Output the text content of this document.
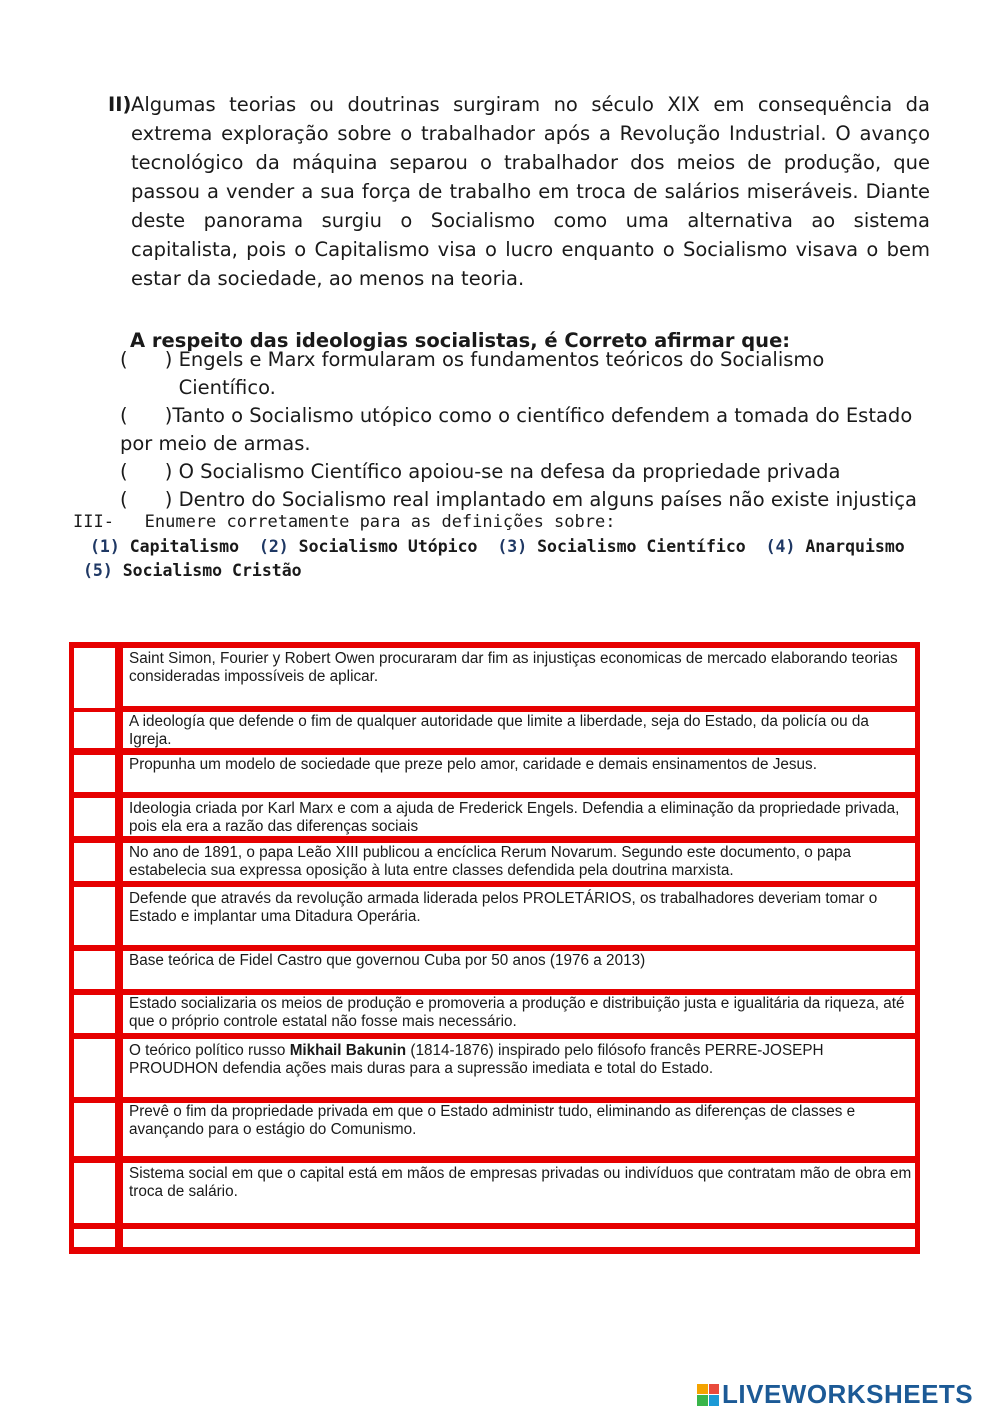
II) Algumas teorias ou doutrinas surgiram no século XIX em consequência da extrema exploração sobre o trabalhador após a Revolução Industrial. O avanço tecnológico da máquina separou o trabalhador dos meios de produção, que passou a vender a sua força de trabalho em troca de salários miseráveis. Diante deste panorama surgiu o Socialismo como uma alternativa ao sistema capitalista, pois o Capitalismo visa o lucro enquanto o Socialismo visava o bem estar da sociedade, ao menos na teoria.
A respeito das ideologias socialistas, é Correto afirmar que:
(      ) Engels e Marx formularam os fundamentos teóricos do Socialismo Científico.
(      )Tanto o Socialismo utópico como o científico defendem a tomada do Estado por meio de armas.
(      ) O Socialismo Científico apoiou-se na defesa da propriedade privada
(      ) Dentro do Socialismo real implantado em alguns países não existe injustiça
III-   Enumere corretamente para as definições sobre:
(1) Capitalismo (2) Socialismo Utópico (3) Socialismo Científico (4) Anarquismo
(5) Socialismo Cristão
Saint Simon, Fourier y Robert Owen procuraram dar fim as injustiças economicas de mercado elaborando teorias consideradas impossíveis de aplicar.
A ideología que defende o fim de qualquer autoridade que limite a liberdade, seja do Estado, da policía ou da Igreja.
Propunha um modelo de sociedade que preze pelo amor, caridade e demais ensinamentos de Jesus.
Ideologia criada por Karl Marx e com a ajuda de Frederick Engels. Defendia a eliminação da propriedade privada, pois ela era a razão das diferenças sociais
No ano de 1891, o papa Leão XIII publicou a encíclica Rerum Novarum. Segundo este documento, o papa estabelecia sua expressa oposição à luta entre classes defendida pela doutrina marxista.
Defende que através da revolução armada liderada pelos PROLETÁRIOS, os trabalhadores deveriam tomar o Estado e implantar uma Ditadura Operária.
Base teórica de Fidel Castro que governou Cuba por 50 anos (1976 a 2013)
Estado socializaria os meios de produção e promoveria a produção e distribuição justa e igualitária da riqueza, até que o próprio controle estatal não fosse mais necessário.
O teórico político russo Mikhail Bakunin (1814-1876) inspirado pelo filósofo francês PERRE-JOSEPH PROUDHON defendia ações mais duras para a supressão imediata e total do Estado.
Prevê o fim da propriedade privada em que o Estado administr tudo, eliminando as diferenças de classes e avançando para o estágio do Comunismo.
Sistema social em que o capital está em mãos de empresas privadas ou indivíduos que contratam mão de obra em troca de salário.
LIVEWORKSHEETS
